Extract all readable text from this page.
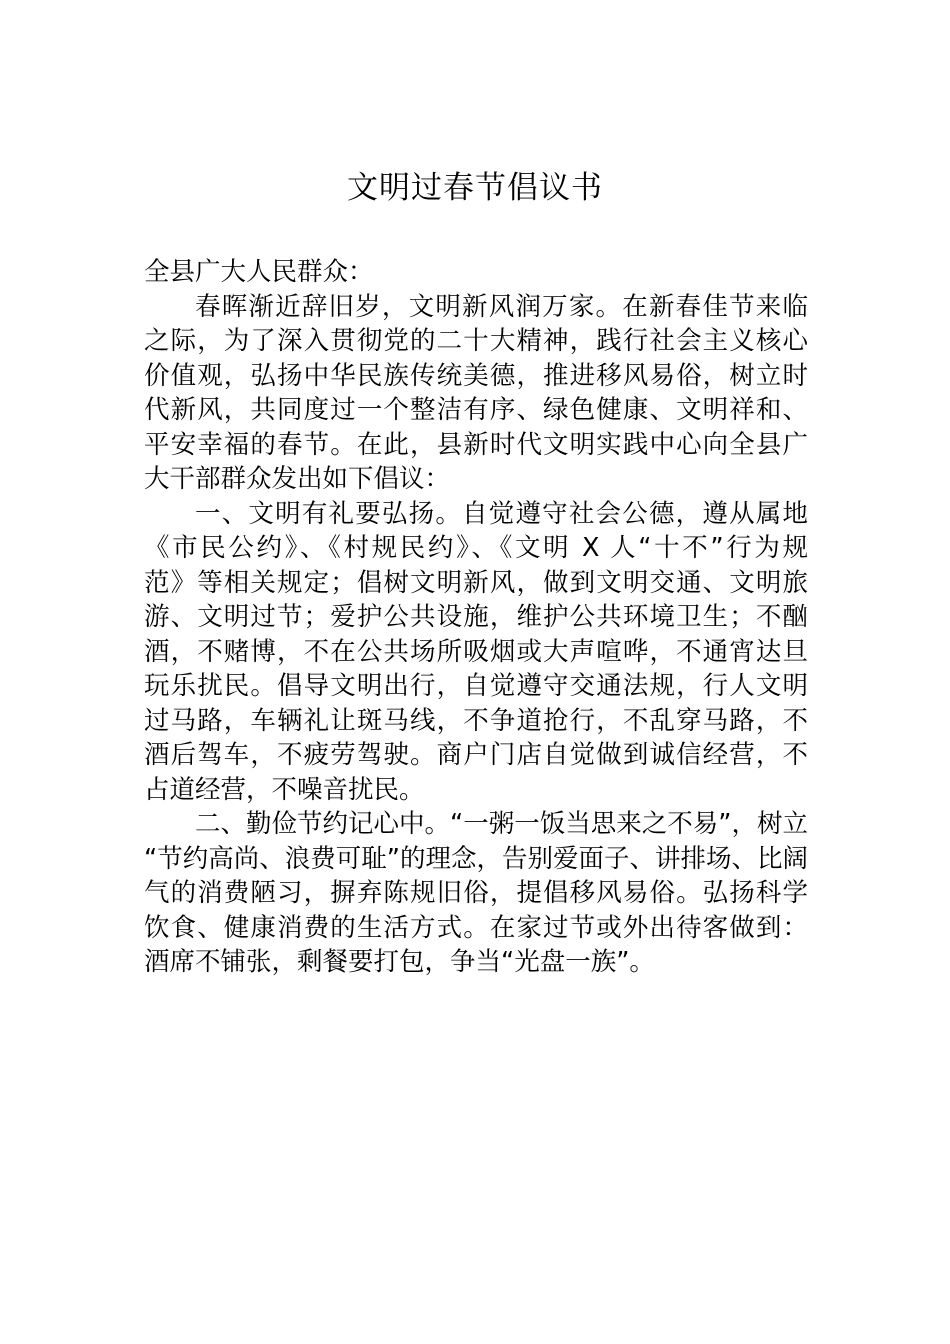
文明过春节倡议书
全县广大人民群众：
春晖渐近辞旧岁，文明新风润万家。在新春佳节来临
之际，为了深入贯彻党的二十大精神，践行社会主义核心
价值观，弘扬中华民族传统美德，推进移风易俗，树立时
代新风，共同度过一个整洁有序、绿色健康、文明祥和、
平安幸福的春节。在此，县新时代文明实践中心向全县广
大干部群众发出如下倡议：
一、文明有礼要弘扬。自觉遵守社会公德，遵从属地
《市民公约》、《村规民约》、《文明 X 人“十不”行为规
范》等相关规定；倡树文明新风，做到文明交通、文明旅
游、文明过节；爱护公共设施，维护公共环境卫生；不酗
酒，不赌博，不在公共场所吸烟或大声喧哗，不通宵达旦
玩乐扰民。倡导文明出行，自觉遵守交通法规，行人文明
过马路，车辆礼让斑马线，不争道抢行，不乱穿马路，不
酒后驾车，不疲劳驾驶。商户门店自觉做到诚信经营，不
占道经营，不噪音扰民。
二、勤俭节约记心中。“一粥一饭当思来之不易”，树立
“节约高尚、浪费可耻”的理念，告别爱面子、讲排场、比阔
气的消费陋习，摒弃陈规旧俗，提倡移风易俗。弘扬科学
饮食、健康消费的生活方式。在家过节或外出待客做到：
酒席不铺张，剩餐要打包，争当“光盘一族”。
